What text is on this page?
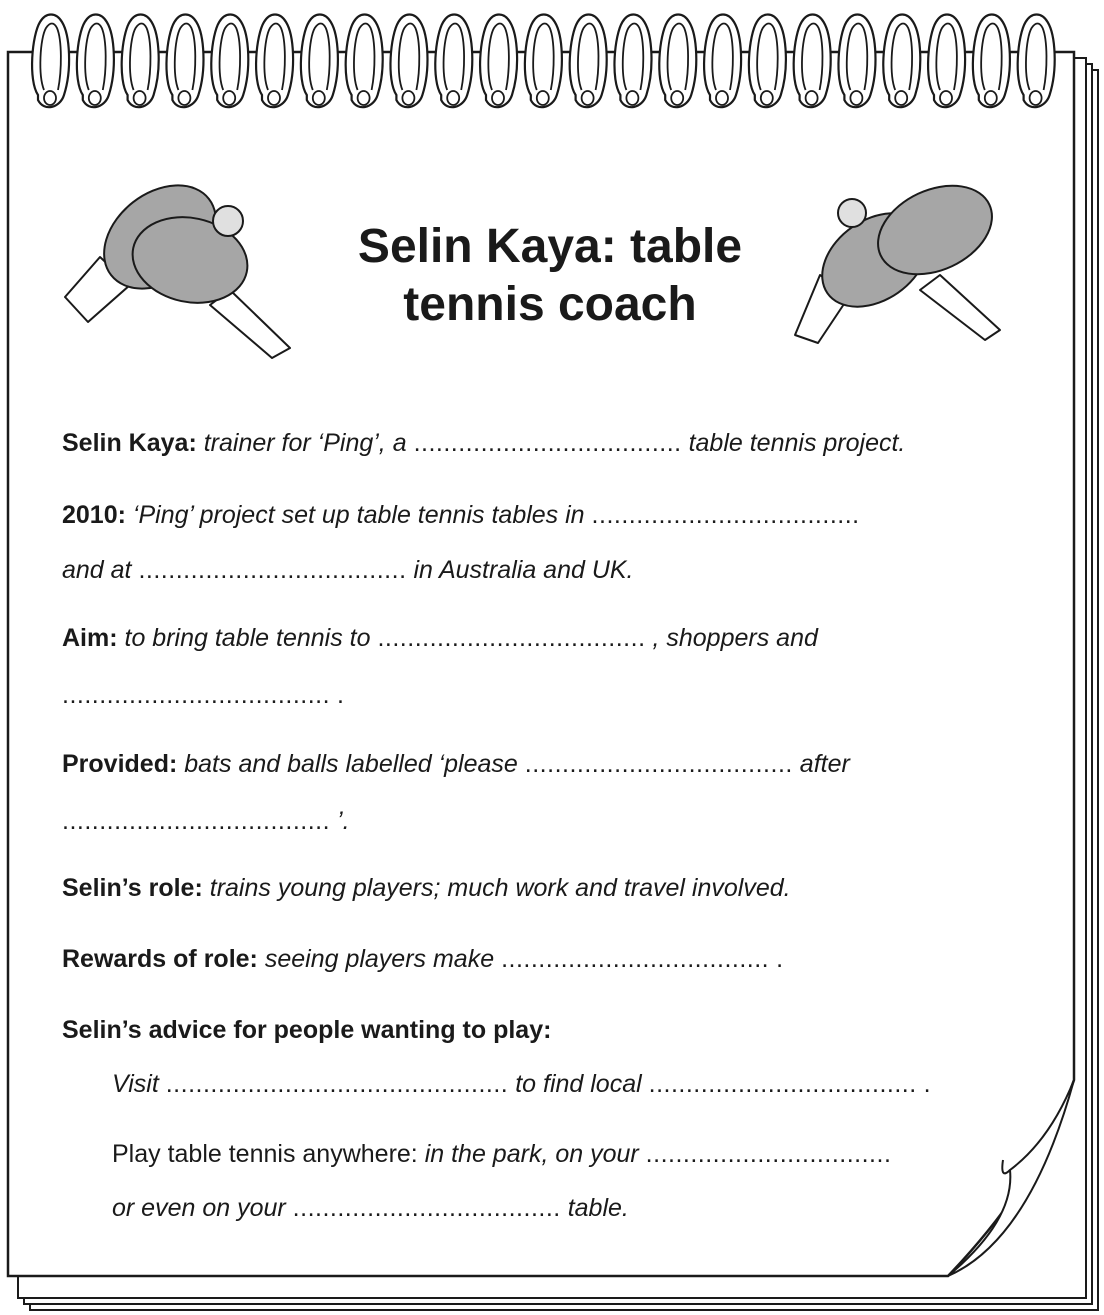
Selin Kaya: table
tennis coach
Selin Kaya: trainer for ‘Ping’, a .................................... table tennis project.
2010: ‘Ping’ project set up table tennis tables in ....................................
and at .................................... in Australia and UK.
Aim: to bring table tennis to .................................... , shoppers and
.................................... .
Provided: bats and balls labelled ‘please .................................... after
.................................... ’.
Selin’s role: trains young players; much work and travel involved.
Rewards of role: seeing players make .................................... .
Selin’s advice for people wanting to play:
Visit .............................................. to find local .................................... .
Play table tennis anywhere: in the park, on your .................................
or even on your .................................... table.
